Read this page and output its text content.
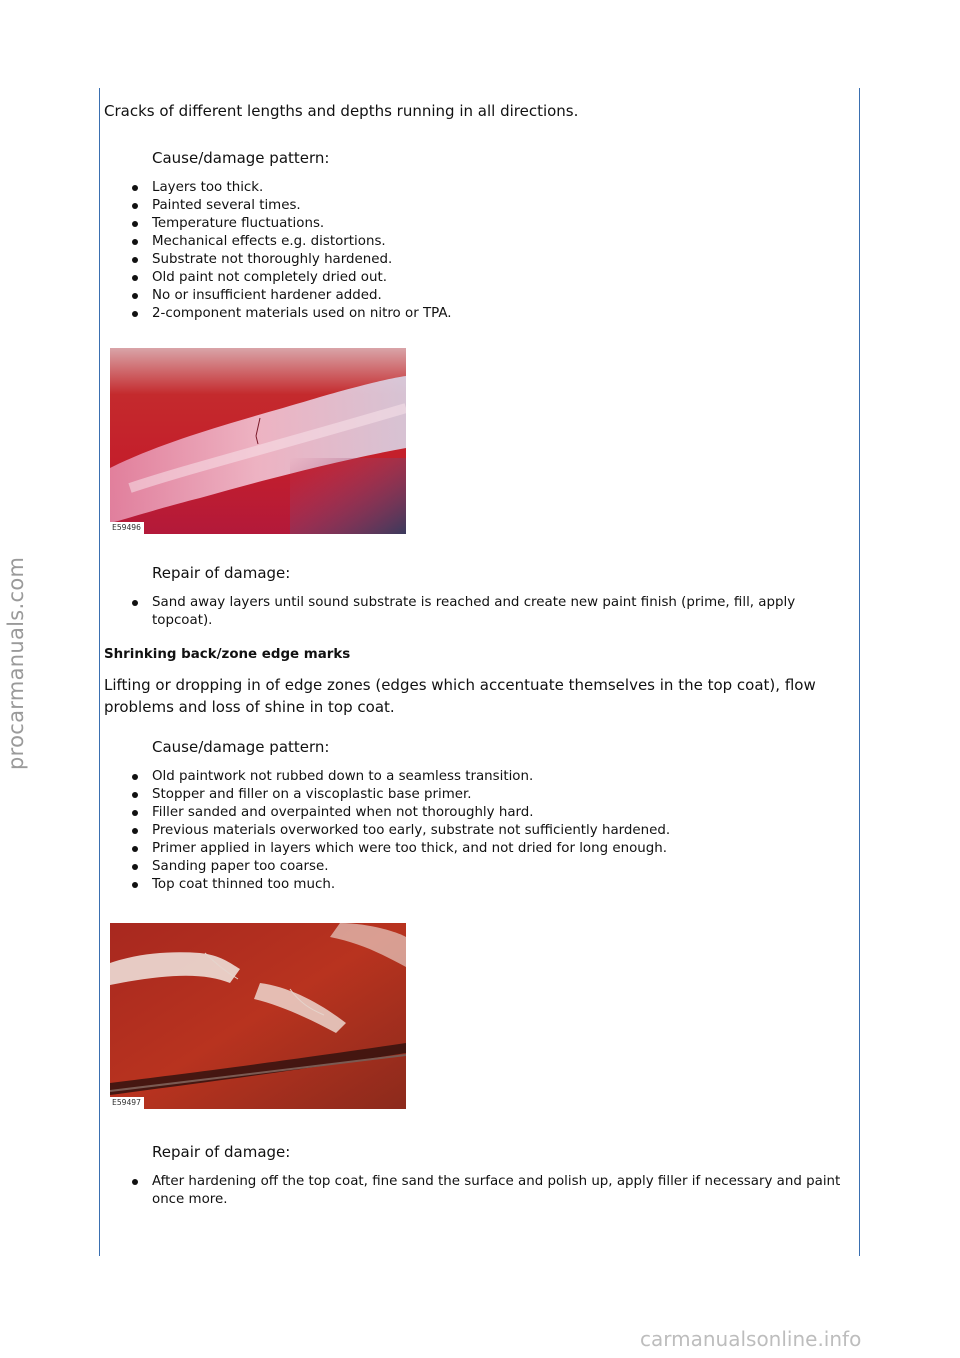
procarmanuals.com

Cracks of different lengths and depths running in all directions.

Cause/damage pattern:

Layers too thick.
Painted several times.
Temperature fluctuations.
Mechanical effects e.g. distortions.
Substrate not thoroughly hardened.
Old paint not completely dried out.
No or insufficient hardener added.
2-component materials used on nitro or TPA.
E59496

Repair of damage:

Sand away layers until sound substrate is reached and create new paint finish (prime, fill, apply topcoat).

Shrinking back/zone edge marks

Lifting or dropping in of edge zones (edges which accentuate themselves in the top coat), flow problems and loss of shine in top coat.

Cause/damage pattern:

Old paintwork not rubbed down to a seamless transition.
Stopper and filler on a viscoplastic base primer.
Filler sanded and overpainted when not thoroughly hard.
Previous materials overworked too early, substrate not sufficiently hardened.
Primer applied in layers which were too thick, and not dried for long enough.
Sanding paper too coarse.
Top coat thinned too much.
E59497

Repair of damage:

After hardening off the top coat, fine sand the surface and polish up, apply filler if necessary and paint once more.
carmanualsonline.info
